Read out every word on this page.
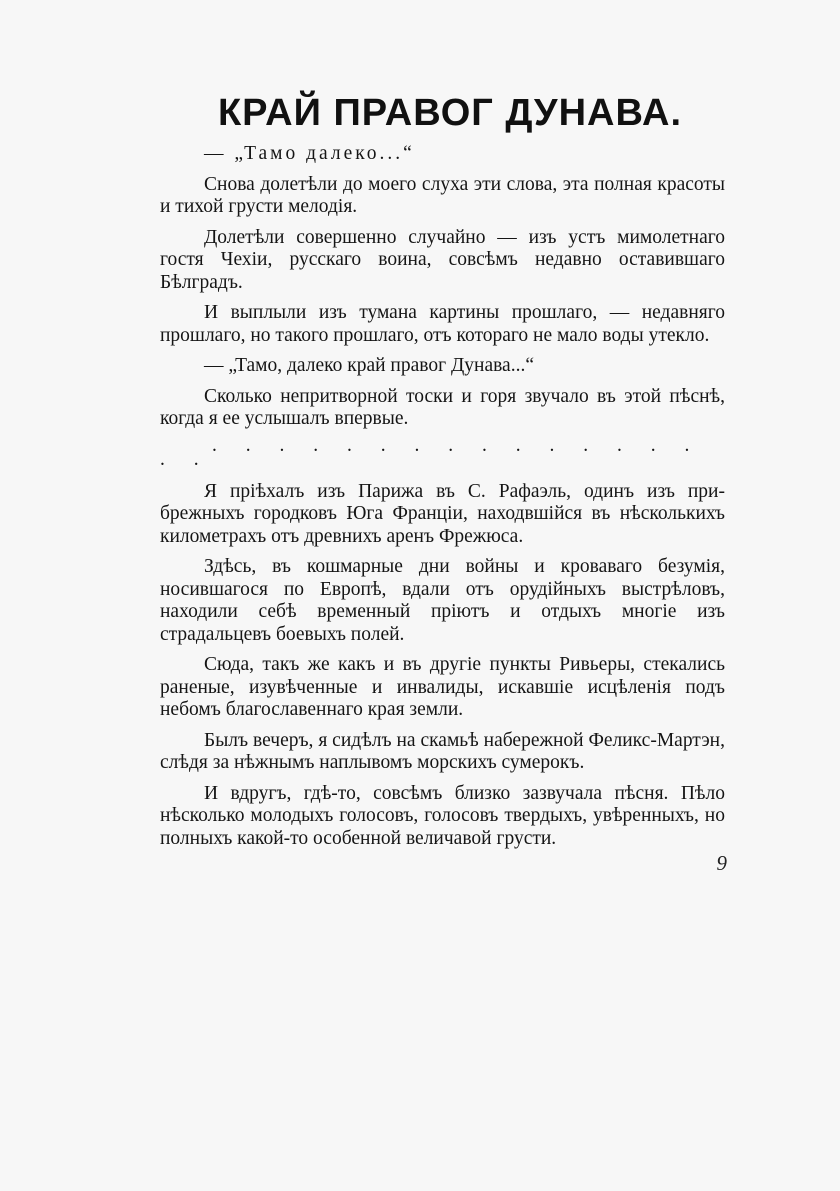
КРАЙ ПРАВОГ ДУНАВА.

— „Тамо далеко...“

Снова долетѣли до моего слуха эти слова, эта полная красоты и тихой грусти мелодія.

Долетѣли совершенно случайно — изъ устъ мимолетнаго гостя Чехіи, русскаго воина, совсѣмъ недавно оставившаго Бѣлградъ.

И выплыли изъ тумана картины прошлаго, — недавняго прошлаго, но такого прошлаго, отъ котораго не мало воды утекло.

— „Тамо, далеко край правог Дунава...“

Сколько непритворной тоски и горя звучало въ этой пѣснѣ, когда я ее услышалъ впервые.

. . . . . . . . . . . . . . . . .

Я пріѣхалъ изъ Парижа въ С. Рафаэль, одинъ изъ прибрежныхъ городковъ Юга Франціи, находвшійся въ нѣсколькихъ километрахъ отъ древнихъ аренъ Фрежюса.

Здѣсь, въ кошмарные дни войны и кроваваго безумія, носившагося по Европѣ, вдали отъ орудійныхъ выстрѣловъ, находили себѣ временный пріютъ и отдыхъ многіе изъ страдальцевъ боевыхъ полей.

Сюда, такъ же какъ и въ другіе пункты Ривьеры, стекались раненые, изувѣченные и инвалиды, искавшіе исцѣленія подъ небомъ благославеннаго края земли.

Былъ вечеръ, я сидѣлъ на скамьѣ набережной Феликс-Мартэн, слѣдя за нѣжнымъ наплывомъ морскихъ сумерокъ.

И вдругъ, гдѣ-то, совсѣмъ близко зазвучала пѣсня. Пѣло нѣсколько молодыхъ голосовъ, голосовъ твердыхъ, увѣренныхъ, но полныхъ какой-то особенной величавой грусти.

9
